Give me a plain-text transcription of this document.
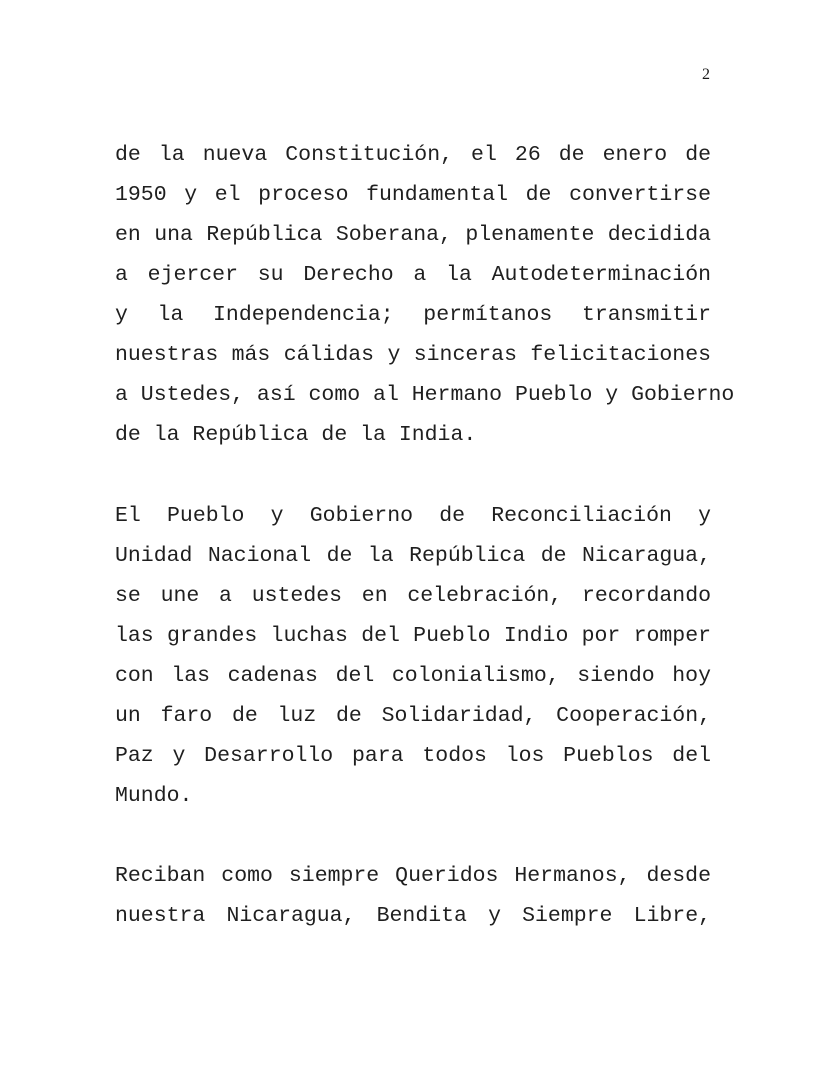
2
de la nueva Constitución, el 26 de enero de
1950 y el proceso fundamental de convertirse
en una República Soberana, plenamente decidida
a ejercer su Derecho a la Autodeterminación
y la Independencia; permítanos transmitir
nuestras más cálidas y sinceras felicitaciones
a Ustedes, así como al Hermano Pueblo y Gobierno
de la República de la India.
El Pueblo y Gobierno de Reconciliación y
Unidad Nacional de la República de Nicaragua,
se une a ustedes en celebración, recordando
las grandes luchas del Pueblo Indio por romper
con las cadenas del colonialismo, siendo hoy
un faro de luz de Solidaridad, Cooperación,
Paz y Desarrollo para todos los Pueblos del
Mundo.
Reciban como siempre Queridos Hermanos, desde
nuestra Nicaragua, Bendita y Siempre Libre,
